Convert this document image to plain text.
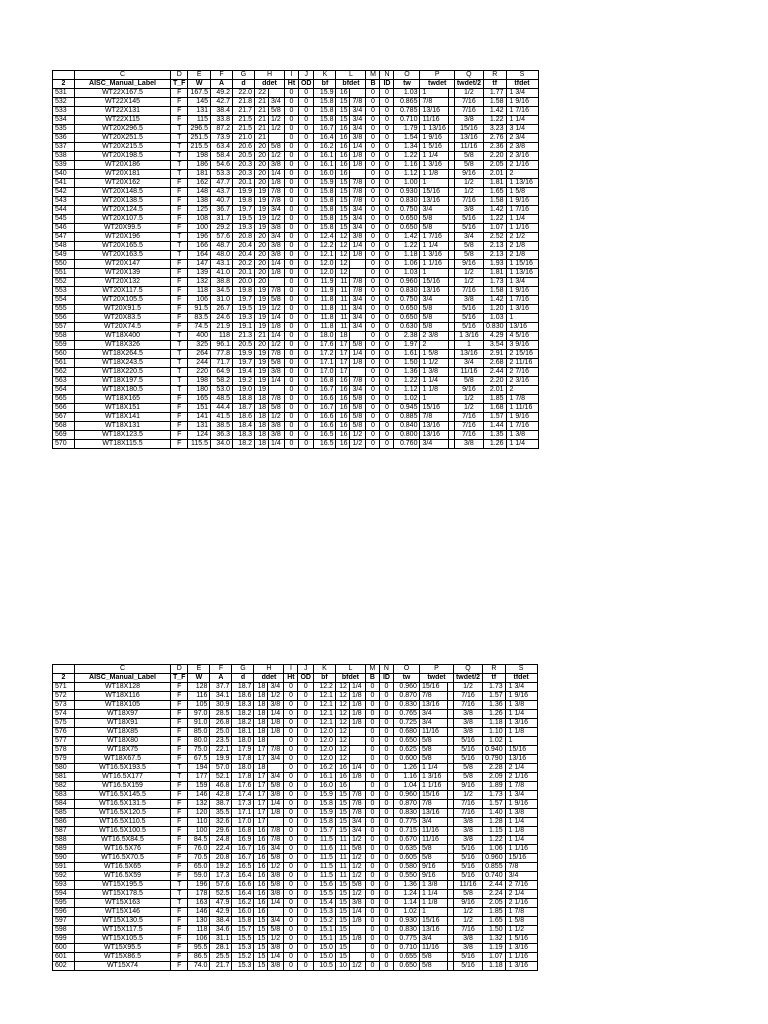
	C	D	E	F	G	H		I	J	K	L		M	N	O	P		Q	R	S
2	AISC_Manual_Label	T_F	W	A	d	ddet		Ht	OD	bf	bfdet		B	ID	tw	twdet		twdet/2	tf	tfdet
531	WT22X167.5	F	167.5	49.2	22.0	22		0	0	15.9	16		0	0	1.03	1		1/2	1.77	1 3/4
532	WT22X145	F	145	42.7	21.8	21	3/4	0	0	15.8	15	7/8	0	0	0.865	7/8		7/16	1.58	1 9/16
533	WT22X131	F	131	38.4	21.7	21	5/8	0	0	15.8	15	3/4	0	0	0.785	13/16		7/16	1.42	1 7/16
534	WT22X115	F	115	33.8	21.5	21	1/2	0	0	15.8	15	3/4	0	0	0.710	11/16		3/8	1.22	1 1/4
535	WT20X296.5	T	296.5	87.2	21.5	21	1/2	0	0	16.7	16	3/4	0	0	1.79	1 13/16		15/16	3.23	3 1/4
536	WT20X251.5	T	251.5	73.9	21.0	21		0	0	16.4	16	3/8	0	0	1.54	1 9/16		13/16	2.76	2 3/4
537	WT20X215.5	T	215.5	63.4	20.6	20	5/8	0	0	16.2	16	1/4	0	0	1.34	1 5/16		11/16	2.36	2 3/8
538	WT20X198.5	T	198	58.4	20.5	20	1/2	0	0	16.1	16	1/8	0	0	1.22	1 1/4		5/8	2.20	2 3/16
539	WT20X186	T	186	54.6	20.3	20	3/8	0	0	16.1	16	1/8	0	0	1.16	1 3/16		5/8	2.05	2 1/16
540	WT20X181	T	181	53.3	20.3	20	1/4	0	0	16.0	16		0	0	1.12	1 1/8		9/16	2.01	2
541	WT20X162	F	162	47.7	20.1	20	1/8	0	0	15.9	15	7/8	0	0	1.00	1		1/2	1.81	1 13/16
542	WT20X148.5	F	148	43.7	19.9	19	7/8	0	0	15.8	15	7/8	0	0	0.930	15/16		1/2	1.65	1 5/8
543	WT20X138.5	F	138	40.7	19.8	19	7/8	0	0	15.8	15	7/8	0	0	0.830	13/16		7/16	1.58	1 9/16
544	WT20X124.5	F	125	36.7	19.7	19	3/4	0	0	15.8	15	3/4	0	0	0.750	3/4		3/8	1.42	1 7/16
545	WT20X107.5	F	108	31.7	19.5	19	1/2	0	0	15.8	15	3/4	0	0	0.650	5/8		5/16	1.22	1 1/4
546	WT20X99.5	F	100	29.2	19.3	19	3/8	0	0	15.8	15	3/4	0	0	0.650	5/8		5/16	1.07	1 1/16
547	WT20X196	T	196	57.6	20.8	20	3/4	0	0	12.4	12	3/8	0	0	1.42	1 7/16		3/4	2.52	2 1/2
548	WT20X165.5	T	166	48.7	20.4	20	3/8	0	0	12.2	12	1/4	0	0	1.22	1 1/4		5/8	2.13	2 1/8
549	WT20X163.5	T	164	48.0	20.4	20	3/8	0	0	12.1	12	1/8	0	0	1.18	1 3/16		5/8	2.13	2 1/8
550	WT20X147	F	147	43.1	20.2	20	1/4	0	0	12.0	12		0	0	1.06	1 1/16		9/16	1.93	1 15/16
551	WT20X139	F	139	41.0	20.1	20	1/8	0	0	12.0	12		0	0	1.03	1		1/2	1.81	1 13/16
552	WT20X132	F	132	38.8	20.0	20		0	0	11.9	11	7/8	0	0	0.960	15/16		1/2	1.73	1 3/4
553	WT20X117.5	F	118	34.5	19.8	19	7/8	0	0	11.9	11	7/8	0	0	0.830	13/16		7/16	1.58	1 9/16
554	WT20X105.5	F	106	31.0	19.7	19	5/8	0	0	11.8	11	3/4	0	0	0.750	3/4		3/8	1.42	1 7/16
555	WT20X91.5	F	91.5	26.7	19.5	19	1/2	0	0	11.8	11	3/4	0	0	0.650	5/8		5/16	1.20	1 3/16
556	WT20X83.5	F	83.5	24.6	19.3	19	1/4	0	0	11.8	11	3/4	0	0	0.650	5/8		5/16	1.03	1
557	WT20X74.5	F	74.5	21.9	19.1	19	1/8	0	0	11.8	11	3/4	0	0	0.630	5/8		5/16	0.830	13/16
558	WT18X400	T	400	118	21.3	21	1/4	0	0	18.0	18		0	0	2.38	2 3/8		1 3/16	4.29	4 5/16
559	WT18X326	T	325	96.1	20.5	20	1/2	0	0	17.6	17	5/8	0	0	1.97	2		1	3.54	3 9/16
560	WT18X264.5	T	264	77.8	19.9	19	7/8	0	0	17.2	17	1/4	0	0	1.61	1 5/8		13/16	2.91	2 15/16
561	WT18X243.5	T	244	71.7	19.7	19	5/8	0	0	17.1	17	1/8	0	0	1.50	1 1/2		3/4	2.68	2 11/16
562	WT18X220.5	T	220	64.9	19.4	19	3/8	0	0	17.0	17		0	0	1.36	1 3/8		11/16	2.44	2 7/16
563	WT18X197.5	T	198	58.2	19.2	19	1/4	0	0	16.8	16	7/8	0	0	1.22	1 1/4		5/8	2.20	2 3/16
564	WT18X180.5	T	180	53.0	19.0	19		0	0	16.7	16	3/4	0	0	1.12	1 1/8		9/16	2.01	2
565	WT18X165	F	165	48.5	18.8	18	7/8	0	0	16.6	16	5/8	0	0	1.02	1		1/2	1.85	1 7/8
566	WT18X151	F	151	44.4	18.7	18	5/8	0	0	16.7	16	5/8	0	0	0.945	15/16		1/2	1.68	1 11/16
567	WT18X141	F	141	41.5	18.6	18	1/2	0	0	16.6	16	5/8	0	0	0.885	7/8		7/16	1.57	1 9/16
568	WT18X131	F	131	38.5	18.4	18	3/8	0	0	16.6	16	5/8	0	0	0.840	13/16		7/16	1.44	1 7/16
569	WT18X123.5	F	124	36.3	18.3	18	3/8	0	0	16.5	16	1/2	0	0	0.800	13/16		7/16	1.35	1 3/8
570	WT18X115.5	F	115.5	34.0	18.2	18	1/4	0	0	16.5	16	1/2	0	0	0.760	3/4		3/8	1.26	1 1/4
	C	D	E	F	G	H		I	J	K	L		M	N	O	P		Q	R	S
2	AISC_Manual_Label	T_F	W	A	d	ddet		Ht	OD	bf	bfdet		B	ID	tw	twdet		twdet/2	tf	tfdet
571	WT18X128	F	128	37.7	18.7	18	3/4	0	0	12.2	12	1/4	0	0	0.960	15/16		1/2	1.73	1 3/4
572	WT18X116	F	116	34.1	18.6	18	1/2	0	0	12.1	12	1/8	0	0	0.870	7/8		7/16	1.57	1 9/16
573	WT18X105	F	105	30.9	18.3	18	3/8	0	0	12.1	12	1/8	0	0	0.830	13/16		7/16	1.36	1 3/8
574	WT18X97	F	97.0	28.5	18.2	18	1/4	0	0	12.1	12	1/8	0	0	0.765	3/4		3/8	1.26	1 1/4
575	WT18X91	F	91.0	26.8	18.2	18	1/8	0	0	12.1	12	1/8	0	0	0.725	3/4		3/8	1.18	1 3/16
576	WT18X85	F	85.0	25.0	18.1	18	1/8	0	0	12.0	12		0	0	0.680	11/16		3/8	1.10	1 1/8
577	WT18X80	F	80.0	23.5	18.0	18		0	0	12.0	12		0	0	0.650	5/8		5/16	1.02	1
578	WT18X75	F	75.0	22.1	17.9	17	7/8	0	0	12.0	12		0	0	0.625	5/8		5/16	0.940	15/16
579	WT18X67.5	F	67.5	19.9	17.8	17	3/4	0	0	12.0	12		0	0	0.600	5/8		5/16	0.790	13/16
580	WT16.5X193.5	T	194	57.0	18.0	18		0	0	16.2	16	1/4	0	0	1.26	1 1/4		5/8	2.28	2 1/4
581	WT16.5X177	T	177	52.1	17.8	17	3/4	0	0	16.1	16	1/8	0	0	1.16	1 3/16		5/8	2.09	2 1/16
582	WT16.5X159	F	159	46.8	17.6	17	5/8	0	0	16.0	16		0	0	1.04	1 1/16		9/16	1.89	1 7/8
583	WT16.5X145.5	F	146	42.8	17.4	17	3/8	0	0	15.9	15	7/8	0	0	0.960	15/16		1/2	1.73	1 3/4
584	WT16.5X131.5	F	132	38.7	17.3	17	1/4	0	0	15.8	15	7/8	0	0	0.870	7/8		7/16	1.57	1 9/16
585	WT16.5X120.5	F	120	35.5	17.1	17	1/8	0	0	15.9	15	7/8	0	0	0.830	13/16		7/16	1.40	1 3/8
586	WT16.5X110.5	F	110	32.6	17.0	17		0	0	15.8	15	3/4	0	0	0.775	3/4		3/8	1.28	1 1/4
587	WT16.5X100.5	F	100	29.6	16.8	16	7/8	0	0	15.7	15	3/4	0	0	0.715	11/16		3/8	1.15	1 1/8
588	WT16.5X84.5	F	84.5	24.8	16.9	16	7/8	0	0	11.5	11	1/2	0	0	0.670	11/16		3/8	1.22	1 1/4
589	WT16.5X76	F	76.0	22.4	16.7	16	3/4	0	0	11.6	11	5/8	0	0	0.635	5/8		5/16	1.06	1 1/16
590	WT16.5X70.5	F	70.5	20.8	16.7	16	5/8	0	0	11.5	11	1/2	0	0	0.605	5/8		5/16	0.960	15/16
591	WT16.5X65	F	65.0	19.2	16.5	16	1/2	0	0	11.5	11	1/2	0	0	0.580	9/16		5/16	0.855	7/8
592	WT16.5X59	F	59.0	17.3	16.4	16	3/8	0	0	11.5	11	1/2	0	0	0.550	9/16		5/16	0.740	3/4
593	WT15X195.5	T	196	57.6	16.6	16	5/8	0	0	15.6	15	5/8	0	0	1.36	1 3/8		11/16	2.44	2 7/16
594	WT15X178.5	T	178	52.5	16.4	16	3/8	0	0	15.5	15	1/2	0	0	1.24	1 1/4		5/8	2.24	2 1/4
595	WT15X163	T	163	47.9	16.2	16	1/4	0	0	15.4	15	3/8	0	0	1.14	1 1/8		9/16	2.05	2 1/16
596	WT15X146	F	146	42.9	16.0	16		0	0	15.3	15	1/4	0	0	1.02	1		1/2	1.85	1 7/8
597	WT15X130.5	F	130	38.4	15.8	15	3/4	0	0	15.2	15	1/8	0	0	0.930	15/16		1/2	1.65	1 5/8
598	WT15X117.5	F	118	34.6	15.7	15	5/8	0	0	15.1	15		0	0	0.830	13/16		7/16	1.50	1 1/2
599	WT15X105.5	F	106	31.1	15.5	15	1/2	0	0	15.1	15	1/8	0	0	0.775	3/4		3/8	1.32	1 5/16
600	WT15X95.5	F	95.5	28.1	15.3	15	3/8	0	0	15.0	15		0	0	0.710	11/16		3/8	1.19	1 3/16
601	WT15X86.5	F	86.5	25.5	15.2	15	1/4	0	0	15.0	15		0	0	0.655	5/8		5/16	1.07	1 1/16
602	WT15X74	F	74.0	21.7	15.3	15	3/8	0	0	10.5	10	1/2	0	0	0.650	5/8		5/16	1.18	1 3/16
